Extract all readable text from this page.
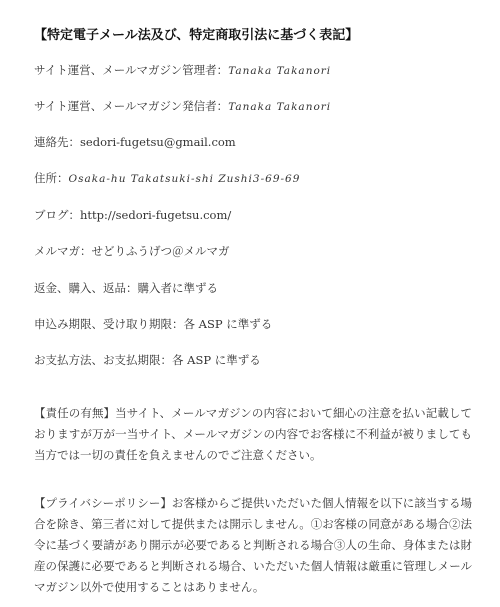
【特定電子メール法及び、特定商取引法に基づく表記】
サイト運営、メールマガジン管理者：Tanaka Takanori
サイト運営、メールマガジン発信者：Tanaka Takanori
連絡先：sedori-fugetsu@gmail.com
住所：Osaka-hu Takatsuki-shi Zushi3-69-69
ブログ：http://sedori-fugetsu.com/
メルマガ：せどりふうげつ＠メルマガ
返金、購入、返品：購入者に準ずる
申込み期限、受け取り期限：各 ASP に準ずる
お支払方法、お支払期限：各 ASP に準ずる
【責任の有無】当サイト、メールマガジンの内容において細心の注意を払い記載しておりますが万が一当サイト、メールマガジンの内容でお客様に不利益が被りましても当方では一切の責任を負えませんのでご注意ください。
【プライバシーポリシー】お客様からご提供いただいた個人情報を以下に該当する場合を除き、第三者に対して提供または開示しません。①お客様の同意がある場合②法令に基づく要請があり開示が必要であると判断される場合③人の生命、身体または財産の保護に必要であると判断される場合、いただいた個人情報は厳重に管理しメールマガジン以外で使用することはありません。
